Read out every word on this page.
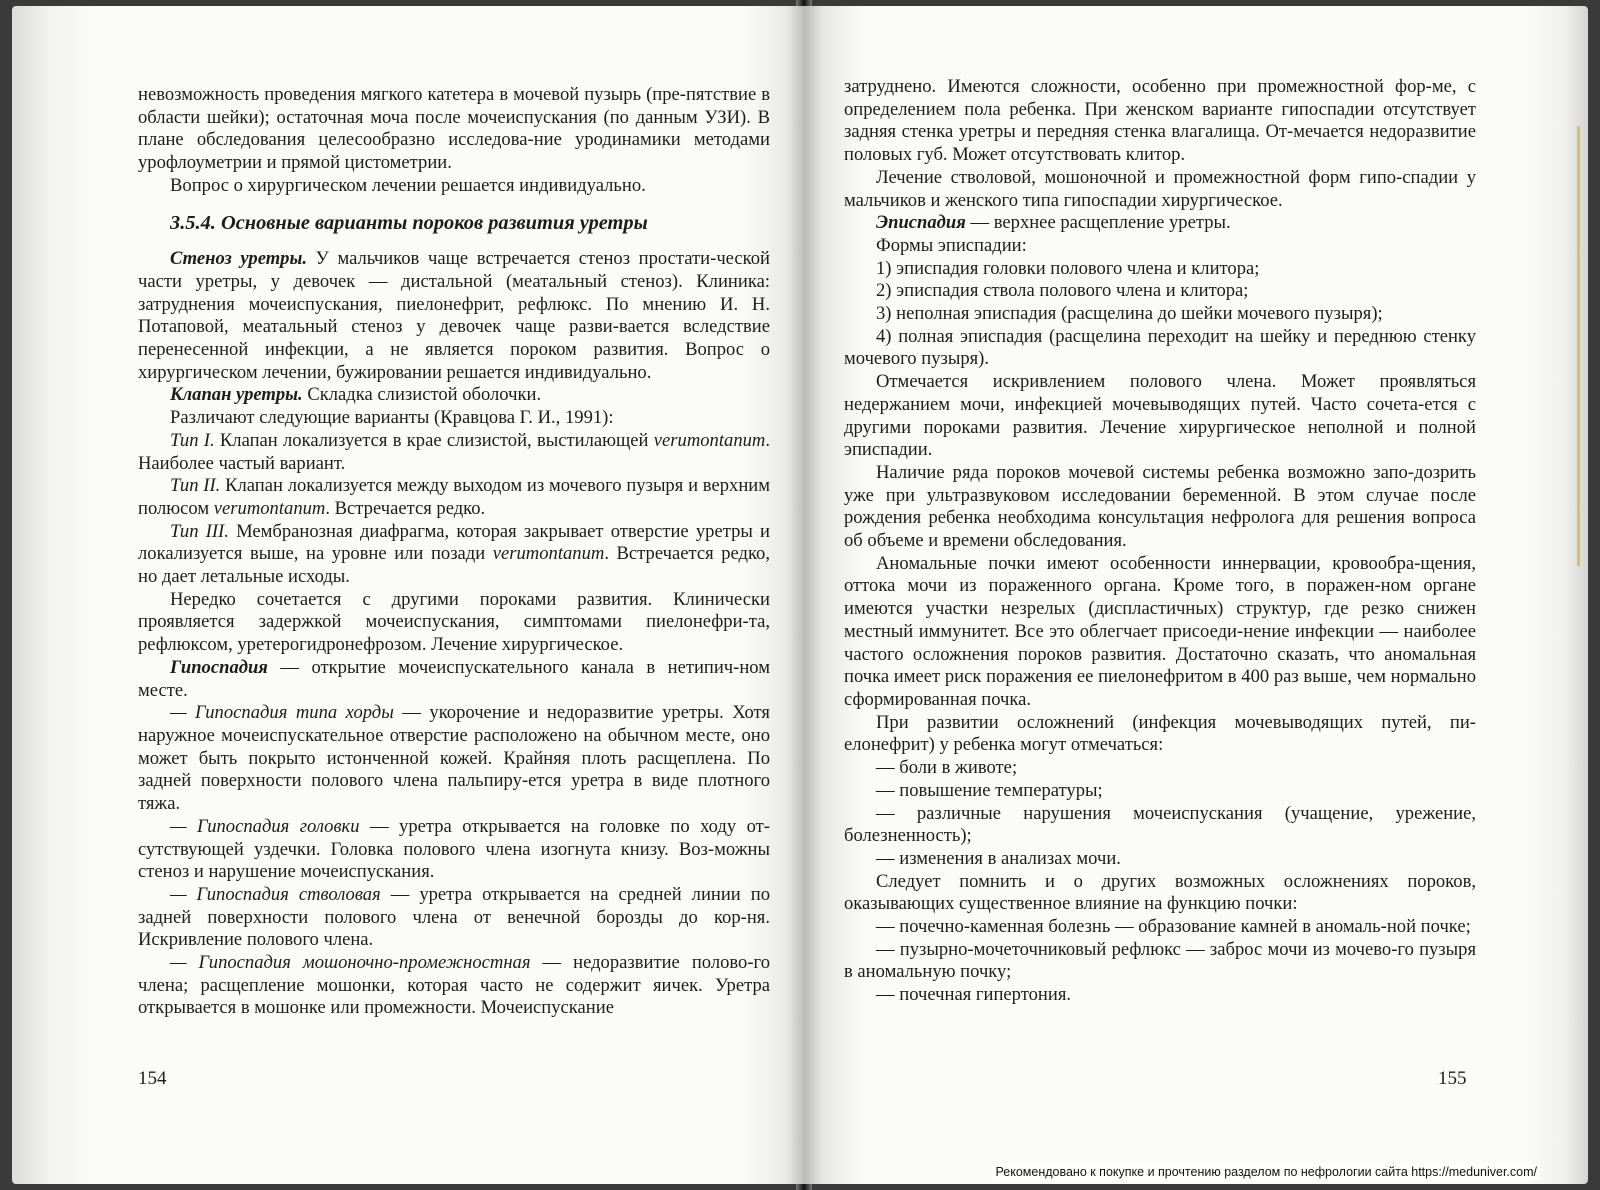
невозможность проведения мягкого катетера в мочевой пузырь (пре-пятствие в области шейки); остаточная моча после мочеиспускания (по данным УЗИ). В плане обследования целесообразно исследова-ние уродинамики методами урофлоуметрии и прямой цистометрии.

Вопрос о хирургическом лечении решается индивидуально.

3.5.4. Основные варианты пороков развития уретры

Стеноз уретры. У мальчиков чаще встречается стеноз простати-ческой части уретры, у девочек — дистальной (меатальный стеноз). Клиника: затруднения мочеиспускания, пиелонефрит, рефлюкс. По мнению И. Н. Потаповой, меатальный стеноз у девочек чаще разви-вается вследствие перенесенной инфекции, а не является пороком развития. Вопрос о хирургическом лечении, бужировании решается индивидуально.

Клапан уретры. Складка слизистой оболочки.

Различают следующие варианты (Кравцова Г. И., 1991):

Тип I. Клапан локализуется в крае слизистой, выстилающей verumontanum. Наиболее частый вариант.

Тип II. Клапан локализуется между выходом из мочевого пузыря и верхним полюсом verumontanum. Встречается редко.

Тип III. Мембранозная диафрагма, которая закрывает отверстие уретры и локализуется выше, на уровне или позади verumontanum. Встречается редко, но дает летальные исходы.

Нередко сочетается с другими пороками развития. Клинически проявляется задержкой мочеиспускания, симптомами пиелонефри-та, рефлюксом, уретерогидронефрозом. Лечение хирургическое.

Гипоспадия — открытие мочеиспускательного канала в нетипич-ном месте.

— Гипоспадия типа хорды — укорочение и недоразвитие уретры. Хотя наружное мочеиспускательное отверстие расположено на обычном месте, оно может быть покрыто истонченной кожей. Крайняя плоть расщеплена. По задней поверхности полового члена пальпиру-ется уретра в виде плотного тяжа.

— Гипоспадия головки — уретра открывается на головке по ходу от-сутствующей уздечки. Головка полового члена изогнута книзу. Воз-можны стеноз и нарушение мочеиспускания.

— Гипоспадия стволовая — уретра открывается на средней линии по задней поверхности полового члена от венечной борозды до кор-ня. Искривление полового члена.

— Гипоспадия мошоночно-промежностная — недоразвитие полово-го члена; расщепление мошонки, которая часто не содержит яичек. Уретра открывается в мошонке или промежности. Мочеиспускание

154

затруднено. Имеются сложности, особенно при промежностной фор-ме, с определением пола ребенка. При женском варианте гипоспадии отсутствует задняя стенка уретры и передняя стенка влагалища. От-мечается недоразвитие половых губ. Может отсутствовать клитор.

Лечение стволовой, мошоночной и промежностной форм гипо-спадии у мальчиков и женского типа гипоспадии хирургическое.

Эписпадия — верхнее расщепление уретры.

Формы эписпадии:

1) эписпадия головки полового члена и клитора;

2) эписпадия ствола полового члена и клитора;

3) неполная эписпадия (расщелина до шейки мочевого пузыря);

4) полная эписпадия (расщелина переходит на шейку и переднюю стенку мочевого пузыря).

Отмечается искривлением полового члена. Может проявляться недержанием мочи, инфекцией мочевыводящих путей. Часто сочета-ется с другими пороками развития. Лечение хирургическое неполной и полной эписпадии.

Наличие ряда пороков мочевой системы ребенка возможно запо-дозрить уже при ультразвуковом исследовании беременной. В этом случае после рождения ребенка необходима консультация нефролога для решения вопроса об объеме и времени обследования.

Аномальные почки имеют особенности иннервации, кровообра-щения, оттока мочи из пораженного органа. Кроме того, в поражен-ном органе имеются участки незрелых (диспластичных) структур, где резко снижен местный иммунитет. Все это облегчает присоеди-нение инфекции — наиболее частого осложнения пороков развития. Достаточно сказать, что аномальная почка имеет риск поражения ее пиелонефритом в 400 раз выше, чем нормально сформированная почка.

При развитии осложнений (инфекция мочевыводящих путей, пи-елонефрит) у ребенка могут отмечаться:

— боли в животе;

— повышение температуры;

— различные нарушения мочеиспускания (учащение, урежение, болезненность);

— изменения в анализах мочи.

Следует помнить и о других возможных осложнениях пороков, оказывающих существенное влияние на функцию почки:

— почечно-каменная болезнь — образование камней в аномаль-ной почке;

— пузырно-мочеточниковый рефлюкс — заброс мочи из мочево-го пузыря в аномальную почку;

— почечная гипертония.

155
Рекомендовано к покупке и прочтению разделом по нефрологии сайта https://meduniver.com/
